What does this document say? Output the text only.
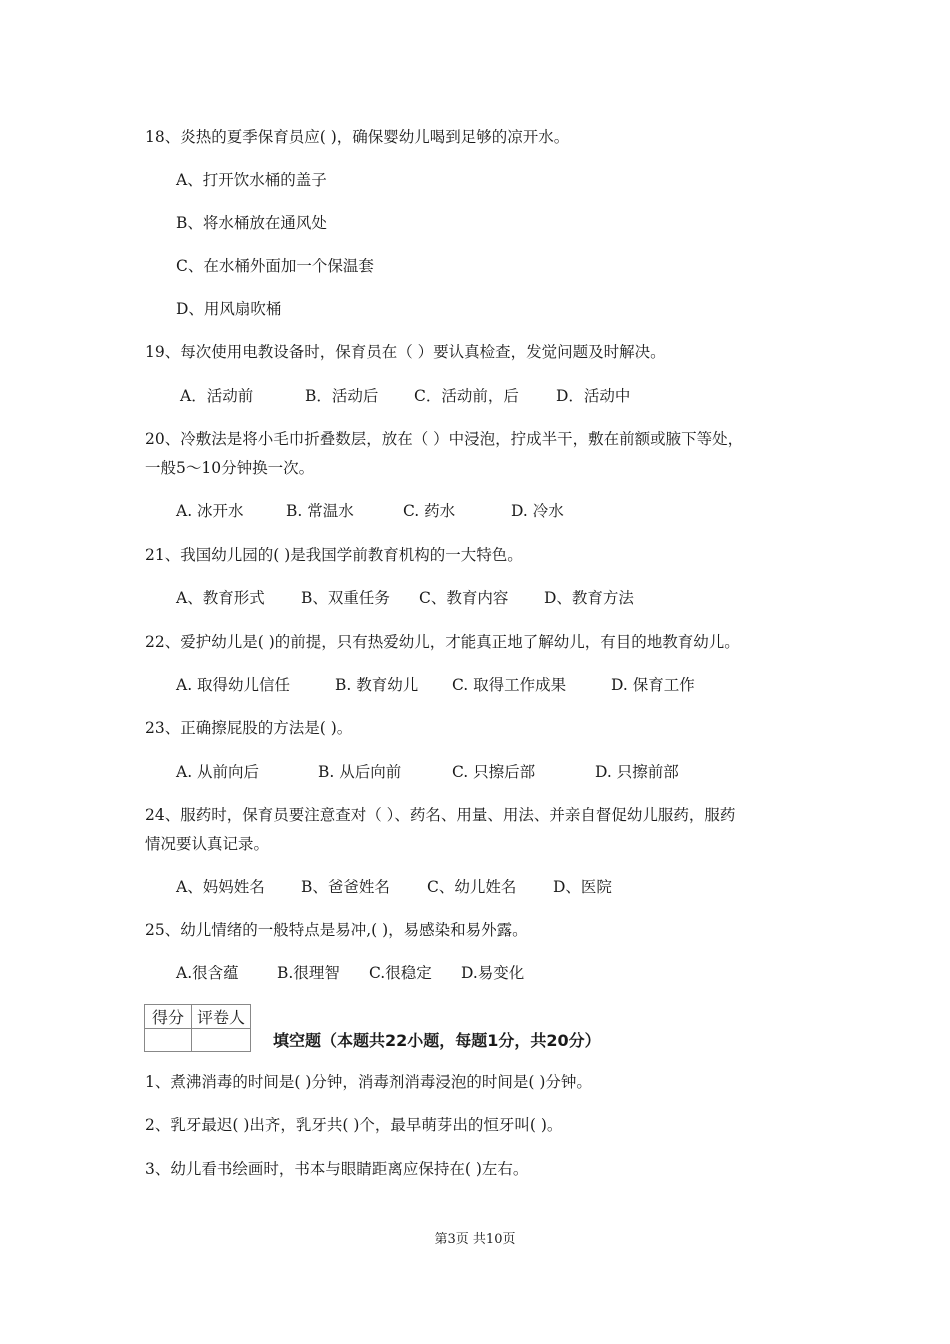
18、炎热的夏季保育员应( )，确保婴幼儿喝到足够的凉开水。
A、打开饮水桶的盖子
B、将水桶放在通风处
C、在水桶外面加一个保温套
D、用风扇吹桶
19、每次使用电教设备时，保育员在（ ）要认真检查，发觉问题及时解决。
A．活动前	B．活动后 C．活动前，后 D．活动中
20、冷敷法是将小毛巾折叠数层，放在（ ）中浸泡，拧成半干，敷在前额或腋下等处，
一般5～10分钟换一次。
A. 冰开水	B. 常温水	C. 药水	D. 冷水
21、我国幼儿园的( )是我国学前教育机构的一大特色。
A、教育形式 B、双重任务 C、教育内容 D、教育方法
22、爱护幼儿是( )的前提，只有热爱幼儿，才能真正地了解幼儿，有目的地教育幼儿。
A. 取得幼儿信任	B. 教育幼儿 C. 取得工作成果	D. 保育工作
23、正确擦屁股的方法是( )。
A. 从前向后	B. 从后向前	C. 只擦后部	D. 只擦前部
24、服药时，保育员要注意查对（ ）、药名、用量、用法、并亲自督促幼儿服药，服药
情况要认真记录。
A、妈妈姓名 B、爸爸姓名 C、幼儿姓名 D、医院
25、幼儿情绪的一般特点是易冲,( )，易感染和易外露。
A.很含蕴 B.很理智 C.很稳定 D.易变化
得分	评卷人

填空题（本题共22小题，每题1分，共20分）
1、煮沸消毒的时间是( )分钟，消毒剂消毒浸泡的时间是( )分钟。
2、乳牙最迟( )出齐，乳牙共( )个，最早萌芽出的恒牙叫( )。
3、幼儿看书绘画时，书本与眼睛距离应保持在( )左右。
第3页 共10页
